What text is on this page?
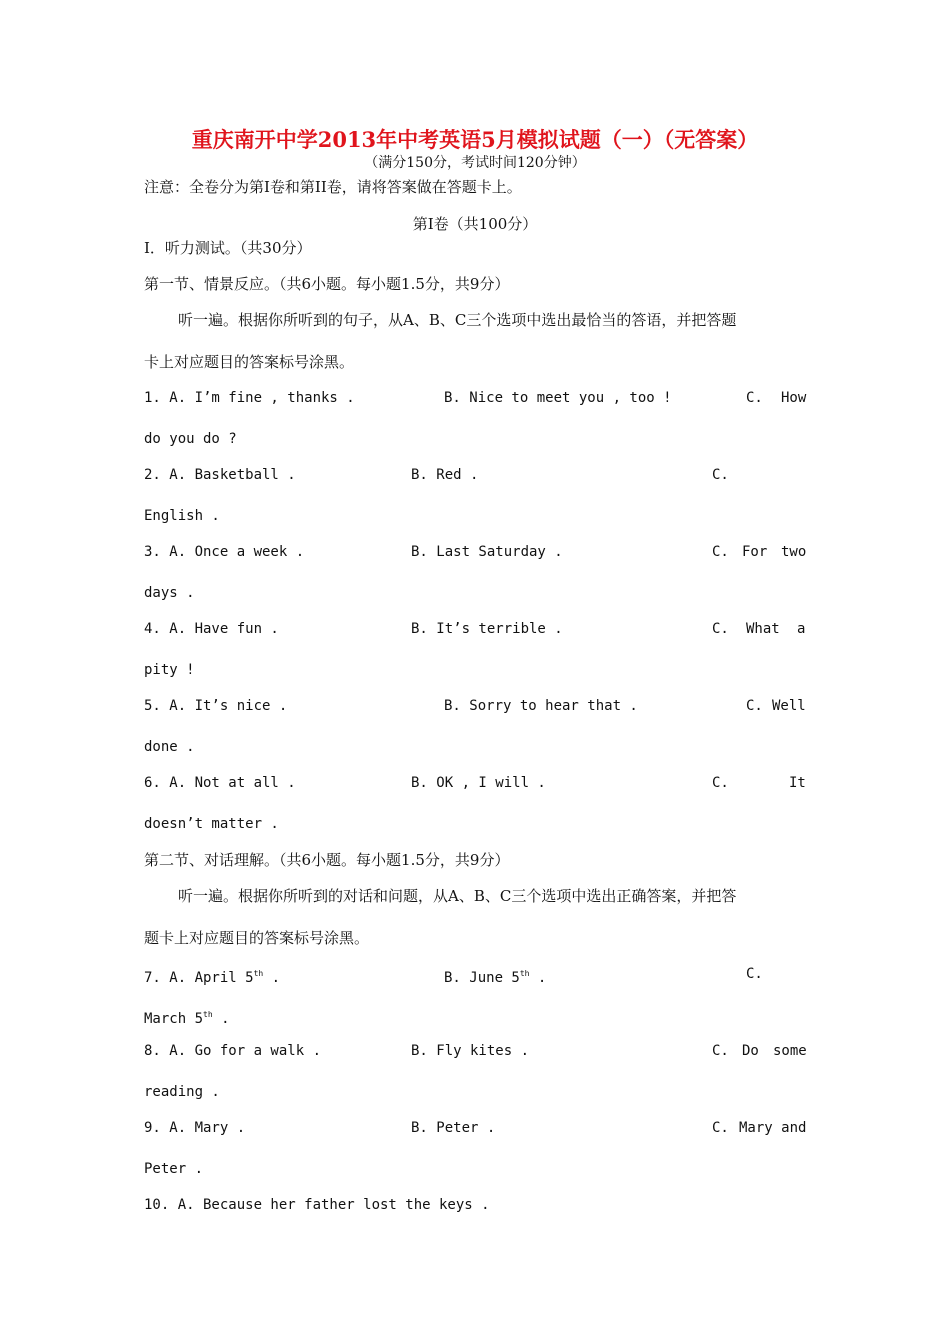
重庆南开中学2013年中考英语5月模拟试题（一）（无答案）
（满分150分，考试时间120分钟）
注意：全卷分为第Ⅰ卷和第II卷，请将答案做在答题卡上。
第Ⅰ卷（共100分）
I．听力测试。（共30分）
第一节、情景反应。（共6小题。每小题1.5分，共9分）
听一遍。根据你所听到的句子，从A、B、C三个选项中选出最恰当的答语，并把答题
卡上对应题目的答案标号涂黑。
1. A. I’m fine , thanks .	B. Nice to meet you , too !	C. How
do you do ?
2. A. Basketball .	B. Red .	C.
English .
3. A. Once a week .	B. Last Saturday .	C. For two
days .
4. A. Have fun .	B. It’s terrible .	C. What a
pity !
5. A. It’s nice .	B. Sorry to hear that .	C. Well
done .
6. A. Not at all .	B. OK , I will .	C.	It
doesn’t matter .
第二节、对话理解。（共6小题。每小题1.5分，共9分）
听一遍。根据你所听到的对话和问题，从A、B、C三个选项中选出正确答案，并把答
题卡上对应题目的答案标号涂黑。
7. A. April 5th .	B. June 5th .	C.
March 5th .
8. A. Go for a walk .	B. Fly kites .	C. Do some
reading .
9. A. Mary .	B. Peter .	C. Mary and
Peter .
10. A. Because her father lost the keys .
